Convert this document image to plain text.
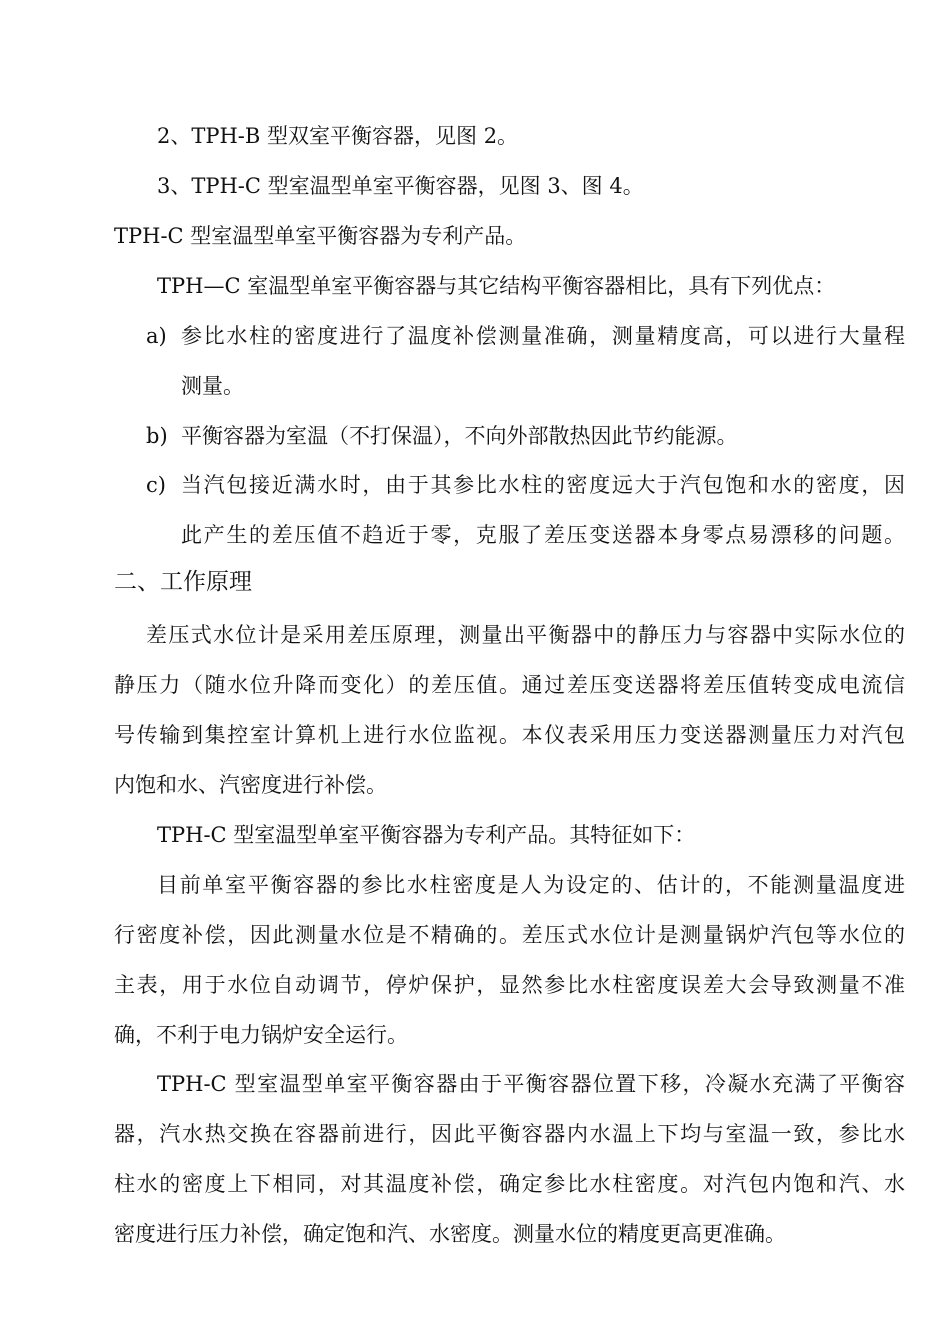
2、TPH-B 型双室平衡容器，见图 2。
3、TPH-C 型室温型单室平衡容器，见图 3、图 4。
TPH-C 型室温型单室平衡容器为专利产品。
TPH—C 室温型单室平衡容器与其它结构平衡容器相比，具有下列优点：
a) 参比水柱的密度进行了温度补偿测量准确，测量精度高，可以进行大量程
测量。
b) 平衡容器为室温（不打保温），不向外部散热因此节约能源。
c) 当汽包接近满水时，由于其参比水柱的密度远大于汽包饱和水的密度，因
此产生的差压值不趋近于零，克服了差压变送器本身零点易漂移的问题。
二、工作原理
差压式水位计是采用差压原理，测量出平衡器中的静压力与容器中实际水位的
静压力（随水位升降而变化）的差压值。通过差压变送器将差压值转变成电流信
号传输到集控室计算机上进行水位监视。本仪表采用压力变送器测量压力对汽包
内饱和水、汽密度进行补偿。
TPH-C 型室温型单室平衡容器为专利产品。其特征如下：
目前单室平衡容器的参比水柱密度是人为设定的、估计的，不能测量温度进
行密度补偿，因此测量水位是不精确的。差压式水位计是测量锅炉汽包等水位的
主表，用于水位自动调节，停炉保护，显然参比水柱密度误差大会导致测量不准
确，不利于电力锅炉安全运行。
TPH-C 型室温型单室平衡容器由于平衡容器位置下移，冷凝水充满了平衡容
器，汽水热交换在容器前进行，因此平衡容器内水温上下均与室温一致，参比水
柱水的密度上下相同，对其温度补偿，确定参比水柱密度。对汽包内饱和汽、水
密度进行压力补偿，确定饱和汽、水密度。测量水位的精度更高更准确。
